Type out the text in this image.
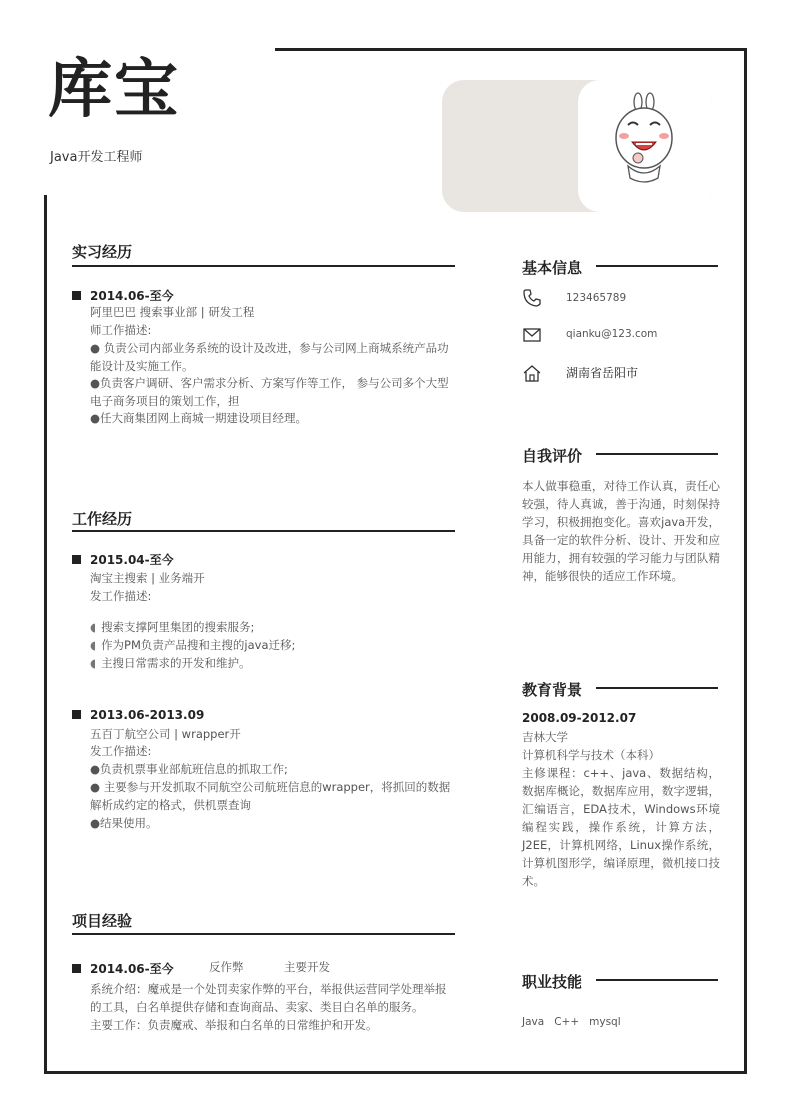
库宝
Java开发工程师
实习经历
2014.06-至今
阿里巴巴 搜索事业部 | 研发工程
师工作描述:
● 负责公司内部业务系统的设计及改进，参与公司网上商城系统产品功能设计及实施工作。
●负责客户调研、客户需求分析、方案写作等工作， 参与公司多个大型电子商务项目的策划工作，担
●任大商集团网上商城一期建设项目经理。
工作经历
2015.04-至今
淘宝主搜索 | 业务端开
发工作描述:
◖ 搜索支撑阿里集团的搜索服务;
◖ 作为PM负责产品搜和主搜的java迁移;
◖ 主搜日常需求的开发和维护。
2013.06-2013.09
五百丁航空公司 | wrapper开
发工作描述:
●负责机票事业部航班信息的抓取工作;
● 主要参与开发抓取不同航空公司航班信息的wrapper，将抓回的数据解析成约定的格式，供机票查询
●结果使用。
项目经验
2014.06-至今	反作弊	主要开发
系统介绍：魔戒是一个处罚卖家作弊的平台，举报供运营同学处理举报的工具，白名单提供存储和查询商品、卖家、类目白名单的服务。
主要工作：负责魔戒、举报和白名单的日常维护和开发。
基本信息
123465789
qianku@123.com
湖南省岳阳市
自我评价
本人做事稳重，对待工作认真，责任心较强，待人真诚，善于沟通，时刻保持学习，积极拥抱变化。喜欢java开发，具备一定的软件分析、设计、开发和应用能力，拥有较强的学习能力与团队精神，能够很快的适应工作环境。
教育背景
2008.09-2012.07
吉林大学
计算机科学与技术（本科）
主修课程：c++、java、数据结构，数据库概论，数据库应用，数字逻辑，汇编语言，EDA技术，Windows环境编程实践，操作系统，计算方法，J2EE，计算机网络，Linux操作系统，计算机图形学，编译原理，微机接口技术。
职业技能
Java   C++   mysql
